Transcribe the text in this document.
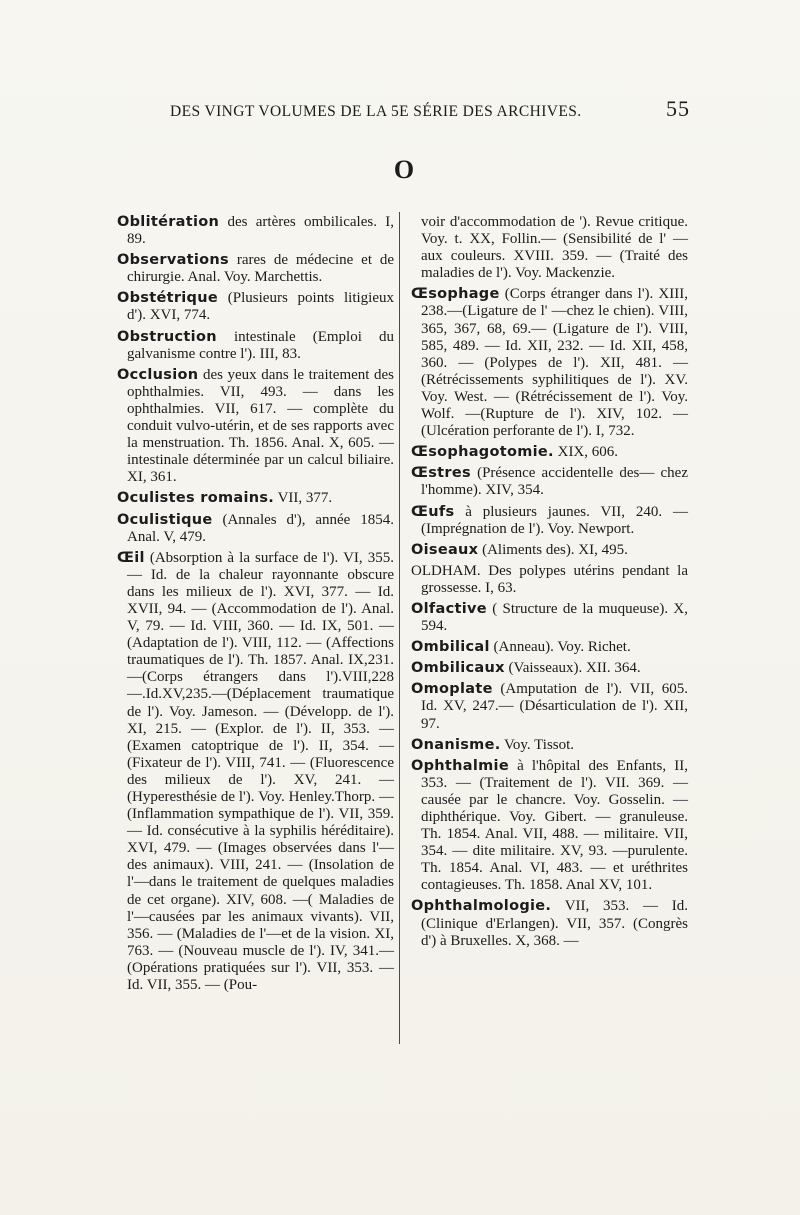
DES VINGT VOLUMES DE LA 5E SÉRIE DES ARCHIVES.	55
O

Oblitération des artères ombilicales. I, 89.

Observations rares de médecine et de chirurgie. Anal. Voy. Marchettis.

Obstétrique (Plusieurs points litigieux d'). XVI, 774.

Obstruction intestinale (Emploi du galvanisme contre l'). III, 83.

Occlusion des yeux dans le traitement des ophthalmies. VII, 493. — dans les ophthalmies. VII, 617. — complète du conduit vulvo-utérin, et de ses rapports avec la menstruation. Th. 1856. Anal. X, 605. — intestinale déterminée par un calcul biliaire. XI, 361.

Oculistes romains. VII, 377.

Oculistique (Annales d'), année 1854. Anal. V, 479.

Œil (Absorption à la surface de l'). VI, 355. — Id. de la chaleur rayonnante obscure dans les milieux de l'). XVI, 377. — Id. XVII, 94. — (Accommodation de l'). Anal. V, 79. — Id. VIII, 360. — Id. IX, 501. — (Adaptation de l'). VIII, 112. — (Affections traumatiques de l'). Th. 1857. Anal. IX,231.—(Corps étrangers dans l').VIII,228—.Id.XV,235.—(Déplacement traumatique de l'). Voy. Jameson. — (Développ. de l'). XI, 215. — (Explor. de l'). II, 353. — (Examen catoptrique de l'). II, 354. — (Fixateur de l'). VIII, 741. — (Fluorescence des milieux de l'). XV, 241. — (Hyperesthésie de l'). Voy. Henley.Thorp. — (Inflammation sympathique de l'). VII, 359. — Id. consécutive à la syphilis héréditaire). XVI, 479. — (Images observées dans l'— des animaux). VIII, 241. — (Insolation de l'—dans le traitement de quelques maladies de cet organe). XIV, 608. —( Maladies de l'—causées par les animaux vivants). VII, 356. — (Maladies de l'—et de la vision. XI, 763. — (Nouveau muscle de l'). IV, 341.— (Opérations pratiquées sur l'). VII, 353. — Id. VII, 355. — (Pou-

voir d'accommodation de '). Revue critique. Voy. t. XX, Follin.— (Sensibilité de l' — aux couleurs. XVIII. 359. — (Traité des maladies de l'). Voy. Mackenzie.

Œsophage (Corps étranger dans l'). XIII, 238.—(Ligature de l' —chez le chien). VIII, 365, 367, 68, 69.— (Ligature de l'). VIII, 585, 489. — Id. XII, 232. — Id. XII, 458, 360. — (Polypes de l'). XII, 481. — (Rétrécissements syphilitiques de l'). XV. Voy. West. — (Rétrécissement de l'). Voy. Wolf. —(Rupture de l'). XIV, 102. — (Ulcération perforante de l'). I, 732.

Œsophagotomie. XIX, 606.

Œstres (Présence accidentelle des— chez l'homme). XIV, 354.

Œufs à plusieurs jaunes. VII, 240. — (Imprégnation de l'). Voy. Newport.

Oiseaux (Aliments des). XI, 495.

OLDHAM. Des polypes utérins pendant la grossesse. I, 63.

Olfactive ( Structure de la muqueuse). X, 594.

Ombilical (Anneau). Voy. Richet.

Ombilicaux (Vaisseaux). XII. 364.

Omoplate (Amputation de l'). VII, 605. Id. XV, 247.— (Désarticulation de l'). XII, 97.

Onanisme. Voy. Tissot.

Ophthalmie à l'hôpital des Enfants, II, 353. — (Traitement de l'). VII. 369. — causée par le chancre. Voy. Gosselin. — diphthérique. Voy. Gibert. — granuleuse. Th. 1854. Anal. VII, 488. — militaire. VII, 354. — dite militaire. XV, 93. —purulente. Th. 1854. Anal. VI, 483. — et uréthrites contagieuses. Th. 1858. Anal XV, 101.

Ophthalmologie. VII, 353. — Id. (Clinique d'Erlangen). VII, 357. (Congrès d') à Bruxelles. X, 368. —
